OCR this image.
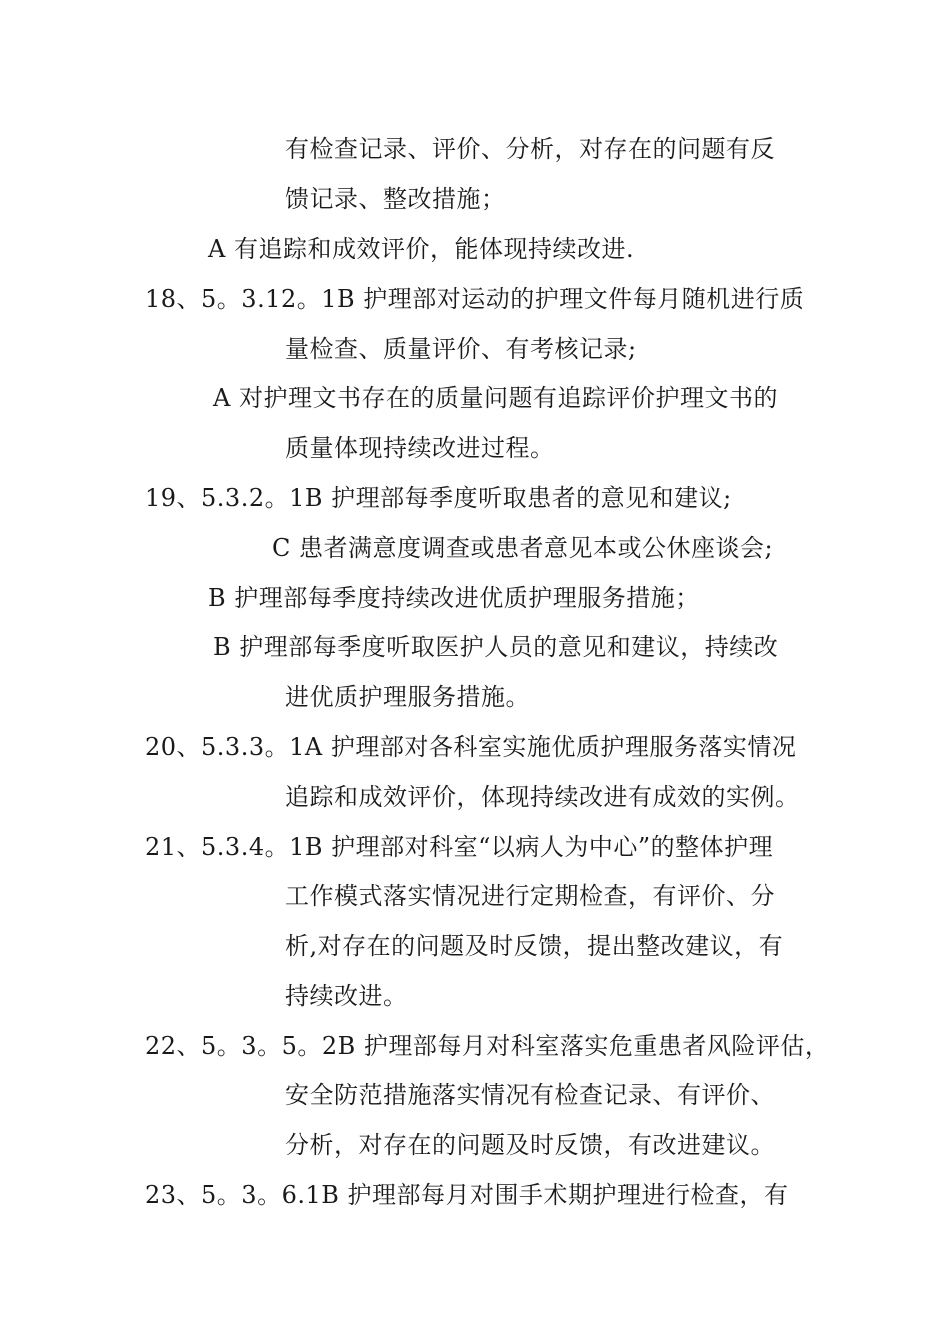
有检查记录、评价、分析，对存在的问题有反
馈记录、整改措施；
A 有追踪和成效评价，能体现持续改进.
18、5。3.12。1B 护理部对运动的护理文件每月随机进行质
量检查、质量评价、有考核记录;
A 对护理文书存在的质量问题有追踪评价护理文书的
质量体现持续改进过程。
19、5.3.2。1B 护理部每季度听取患者的意见和建议;
C 患者满意度调查或患者意见本或公休座谈会;
B 护理部每季度持续改进优质护理服务措施；
B 护理部每季度听取医护人员的意见和建议，持续改
进优质护理服务措施。
20、5.3.3。1A 护理部对各科室实施优质护理服务落实情况
追踪和成效评价，体现持续改进有成效的实例。
21、5.3.4。1B 护理部对科室“以病人为中心”的整体护理
工作模式落实情况进行定期检查，有评价、分
析,对存在的问题及时反馈，提出整改建议，有
持续改进。
22、5。3。5。2B 护理部每月对科室落实危重患者风险评估，
安全防范措施落实情况有检查记录、有评价、
分析，对存在的问题及时反馈，有改进建议。
23、5。3。6.1B 护理部每月对围手术期护理进行检查，有
